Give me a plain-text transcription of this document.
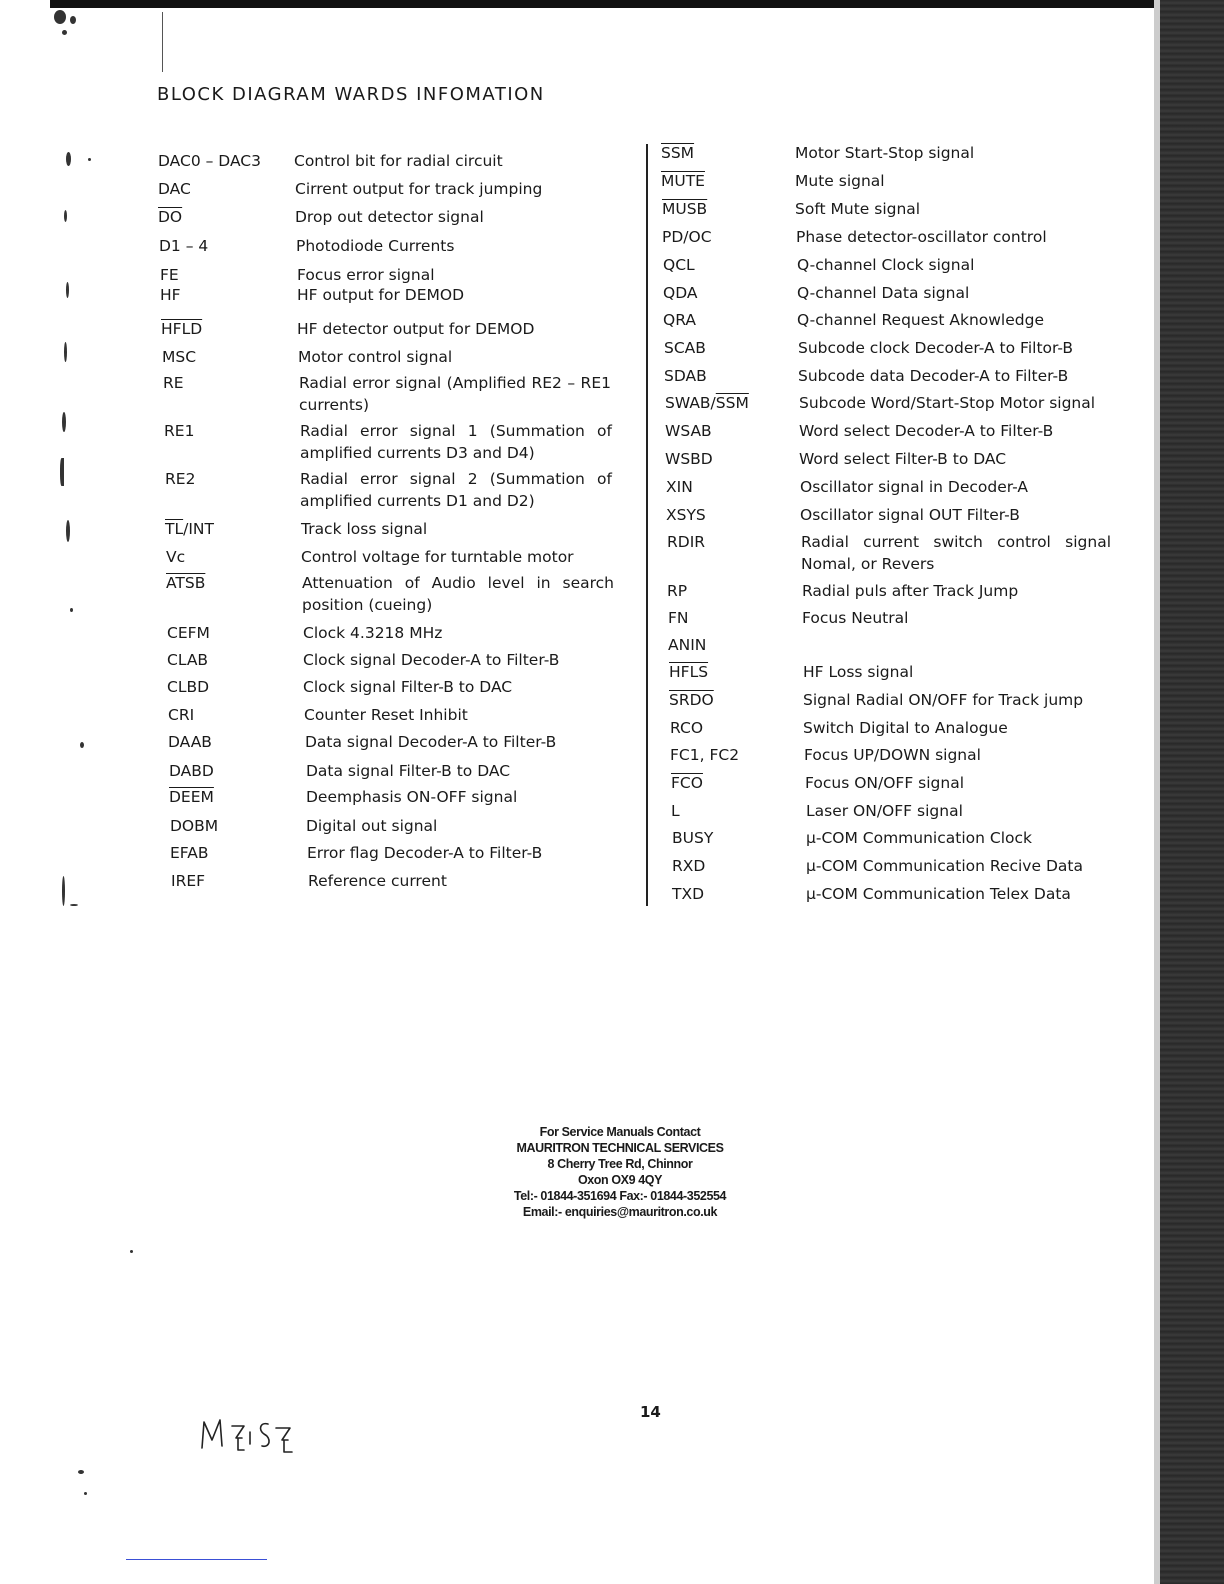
BLOCK DIAGRAM WARDS INFOMATION
DAC0 – DAC3 Control bit for radial circuit
DAC	Cirrent output for track jumping
$\overline{DO}$	Drop out detector signal
D1 – 4	Photodiode Currents
FE	Focus error signal
HF	HF output for DEMOD
HFLD	HF detector output for DEMOD
MSC	Motor control signal
RE	Radial error signal (Amplified RE2 – RE1 currents)
RE1	Radial error signal 1 (Summation of amplified currents D3 and D4)
RE2	Radial error signal 2 (Summation of amplified currents D1 and D2)
$\overline{TL}$/INT	Track loss signal
Vc	Control voltage for turntable motor
ATSB	Attenuation of Audio level in search position (cueing)
CEFM	Clock 4.3218 MHz
CLAB	Clock signal Decoder-A to Filter-B
CLBD	Clock signal Filter-B to DAC
CRI	Counter Reset Inhibit
DAAB	Data signal Decoder-A to Filter-B
DABD	Data signal Filter-B to DAC
DEEM	Deemphasis ON-OFF signal
DOBM	Digital out signal
EFAB	Error flag Decoder-A to Filter-B
IREF	Reference current
$\overline{SSM}$	Motor Start-Stop signal
MUTE	Mute signal
MUSB	Soft Mute signal
PD/OC	Phase detector-oscillator control
QCL	Q-channel Clock signal
QDA	Q-channel Data signal
QRA	Q-channel Request Aknowledge
SCAB	Subcode clock Decoder-A to Filtor-B
SDAB	Subcode data Decoder-A to Filter-B
SWAB/$\overline{SSM}$	Subcode Word/Start-Stop Motor signal
WSAB	Word select Decoder-A to Filter-B
WSBD	Word select Filter-B to DAC
XIN	Oscillator signal in Decoder-A
XSYS	Oscillator signal OUT Filter-B
RDIR	Radial current switch control signal Nomal, or Revers
RP	Radial puls after Track Jump
FN	Focus Neutral
ANIN
HFLS	HF Loss signal
SRDO	Signal Radial ON/OFF for Track jump
RCO	Switch Digital to Analogue
FC1, FC2	Focus UP/DOWN signal
$\overline{FCO}$	Focus ON/OFF signal
L	Laser ON/OFF signal
BUSY	μ-COM Communication Clock
RXD	μ-COM Communication Recive Data
TXD	μ-COM Communication Telex Data
For Service Manuals Contact
MAURITRON TECHNICAL SERVICES
8 Cherry Tree Rd, Chinnor
Oxon OX9 4QY
Tel:- 01844-351694 Fax:- 01844-352554
Email:- enquiries@mauritron.co.uk
14
